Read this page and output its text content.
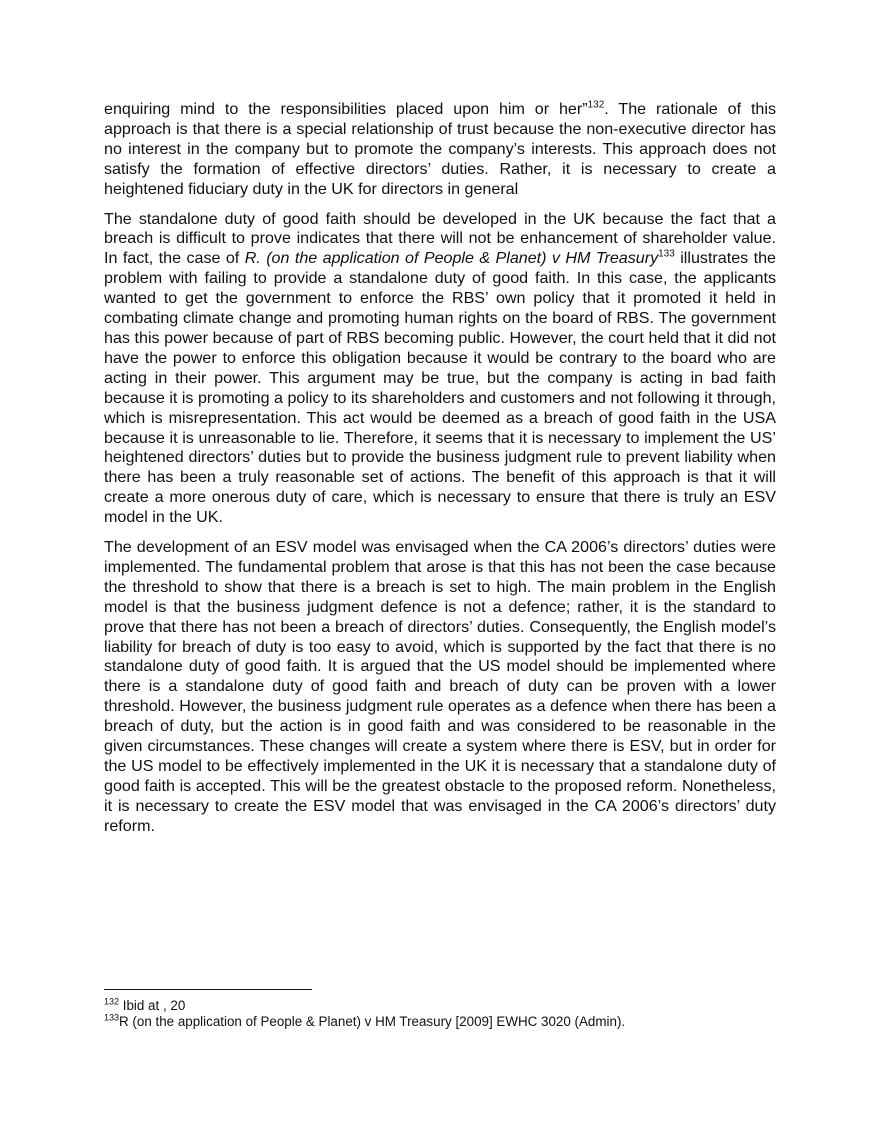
enquiring mind to the responsibilities placed upon him or her”$^{132}$. The rationale of this approach is that there is a special relationship of trust because the non-executive director has no interest in the company but to promote the company’s interests. This approach does not satisfy the formation of effective directors’ duties. Rather, it is necessary to create a heightened fiduciary duty in the UK for directors in general

The standalone duty of good faith should be developed in the UK because the fact that a breach is difficult to prove indicates that there will not be enhancement of shareholder value. In fact, the case of R. (on the application of People & Planet) v HM Treasury$^{133}$ illustrates the problem with failing to provide a standalone duty of good faith. In this case, the applicants wanted to get the government to enforce the RBS’ own policy that it promoted it held in combating climate change and promoting human rights on the board of RBS. The government has this power because of part of RBS becoming public. However, the court held that it did not have the power to enforce this obligation because it would be contrary to the board who are acting in their power. This argument may be true, but the company is acting in bad faith because it is promoting a policy to its shareholders and customers and not following it through, which is misrepresentation. This act would be deemed as a breach of good faith in the USA because it is unreasonable to lie. Therefore, it seems that it is necessary to implement the US’ heightened directors’ duties but to provide the business judgment rule to prevent liability when there has been a truly reasonable set of actions. The benefit of this approach is that it will create a more onerous duty of care, which is necessary to ensure that there is truly an ESV model in the UK.

The development of an ESV model was envisaged when the CA 2006’s directors’ duties were implemented. The fundamental problem that arose is that this has not been the case because the threshold to show that there is a breach is set to high. The main problem in the English model is that the business judgment defence is not a defence; rather, it is the standard to prove that there has not been a breach of directors’ duties. Consequently, the English model’s liability for breach of duty is too easy to avoid, which is supported by the fact that there is no standalone duty of good faith. It is argued that the US model should be implemented where there is a standalone duty of good faith and breach of duty can be proven with a lower threshold. However, the business judgment rule operates as a defence when there has been a breach of duty, but the action is in good faith and was considered to be reasonable in the given circumstances. These changes will create a system where there is ESV, but in order for the US model to be effectively implemented in the UK it is necessary that a standalone duty of good faith is accepted. This will be the greatest obstacle to the proposed reform. Nonetheless, it is necessary to create the ESV model that was envisaged in the CA 2006’s directors’ duty reform.

$^{132}$ Ibid at , 20

$^{133}$R (on the application of People & Planet) v HM Treasury [2009] EWHC 3020 (Admin).
